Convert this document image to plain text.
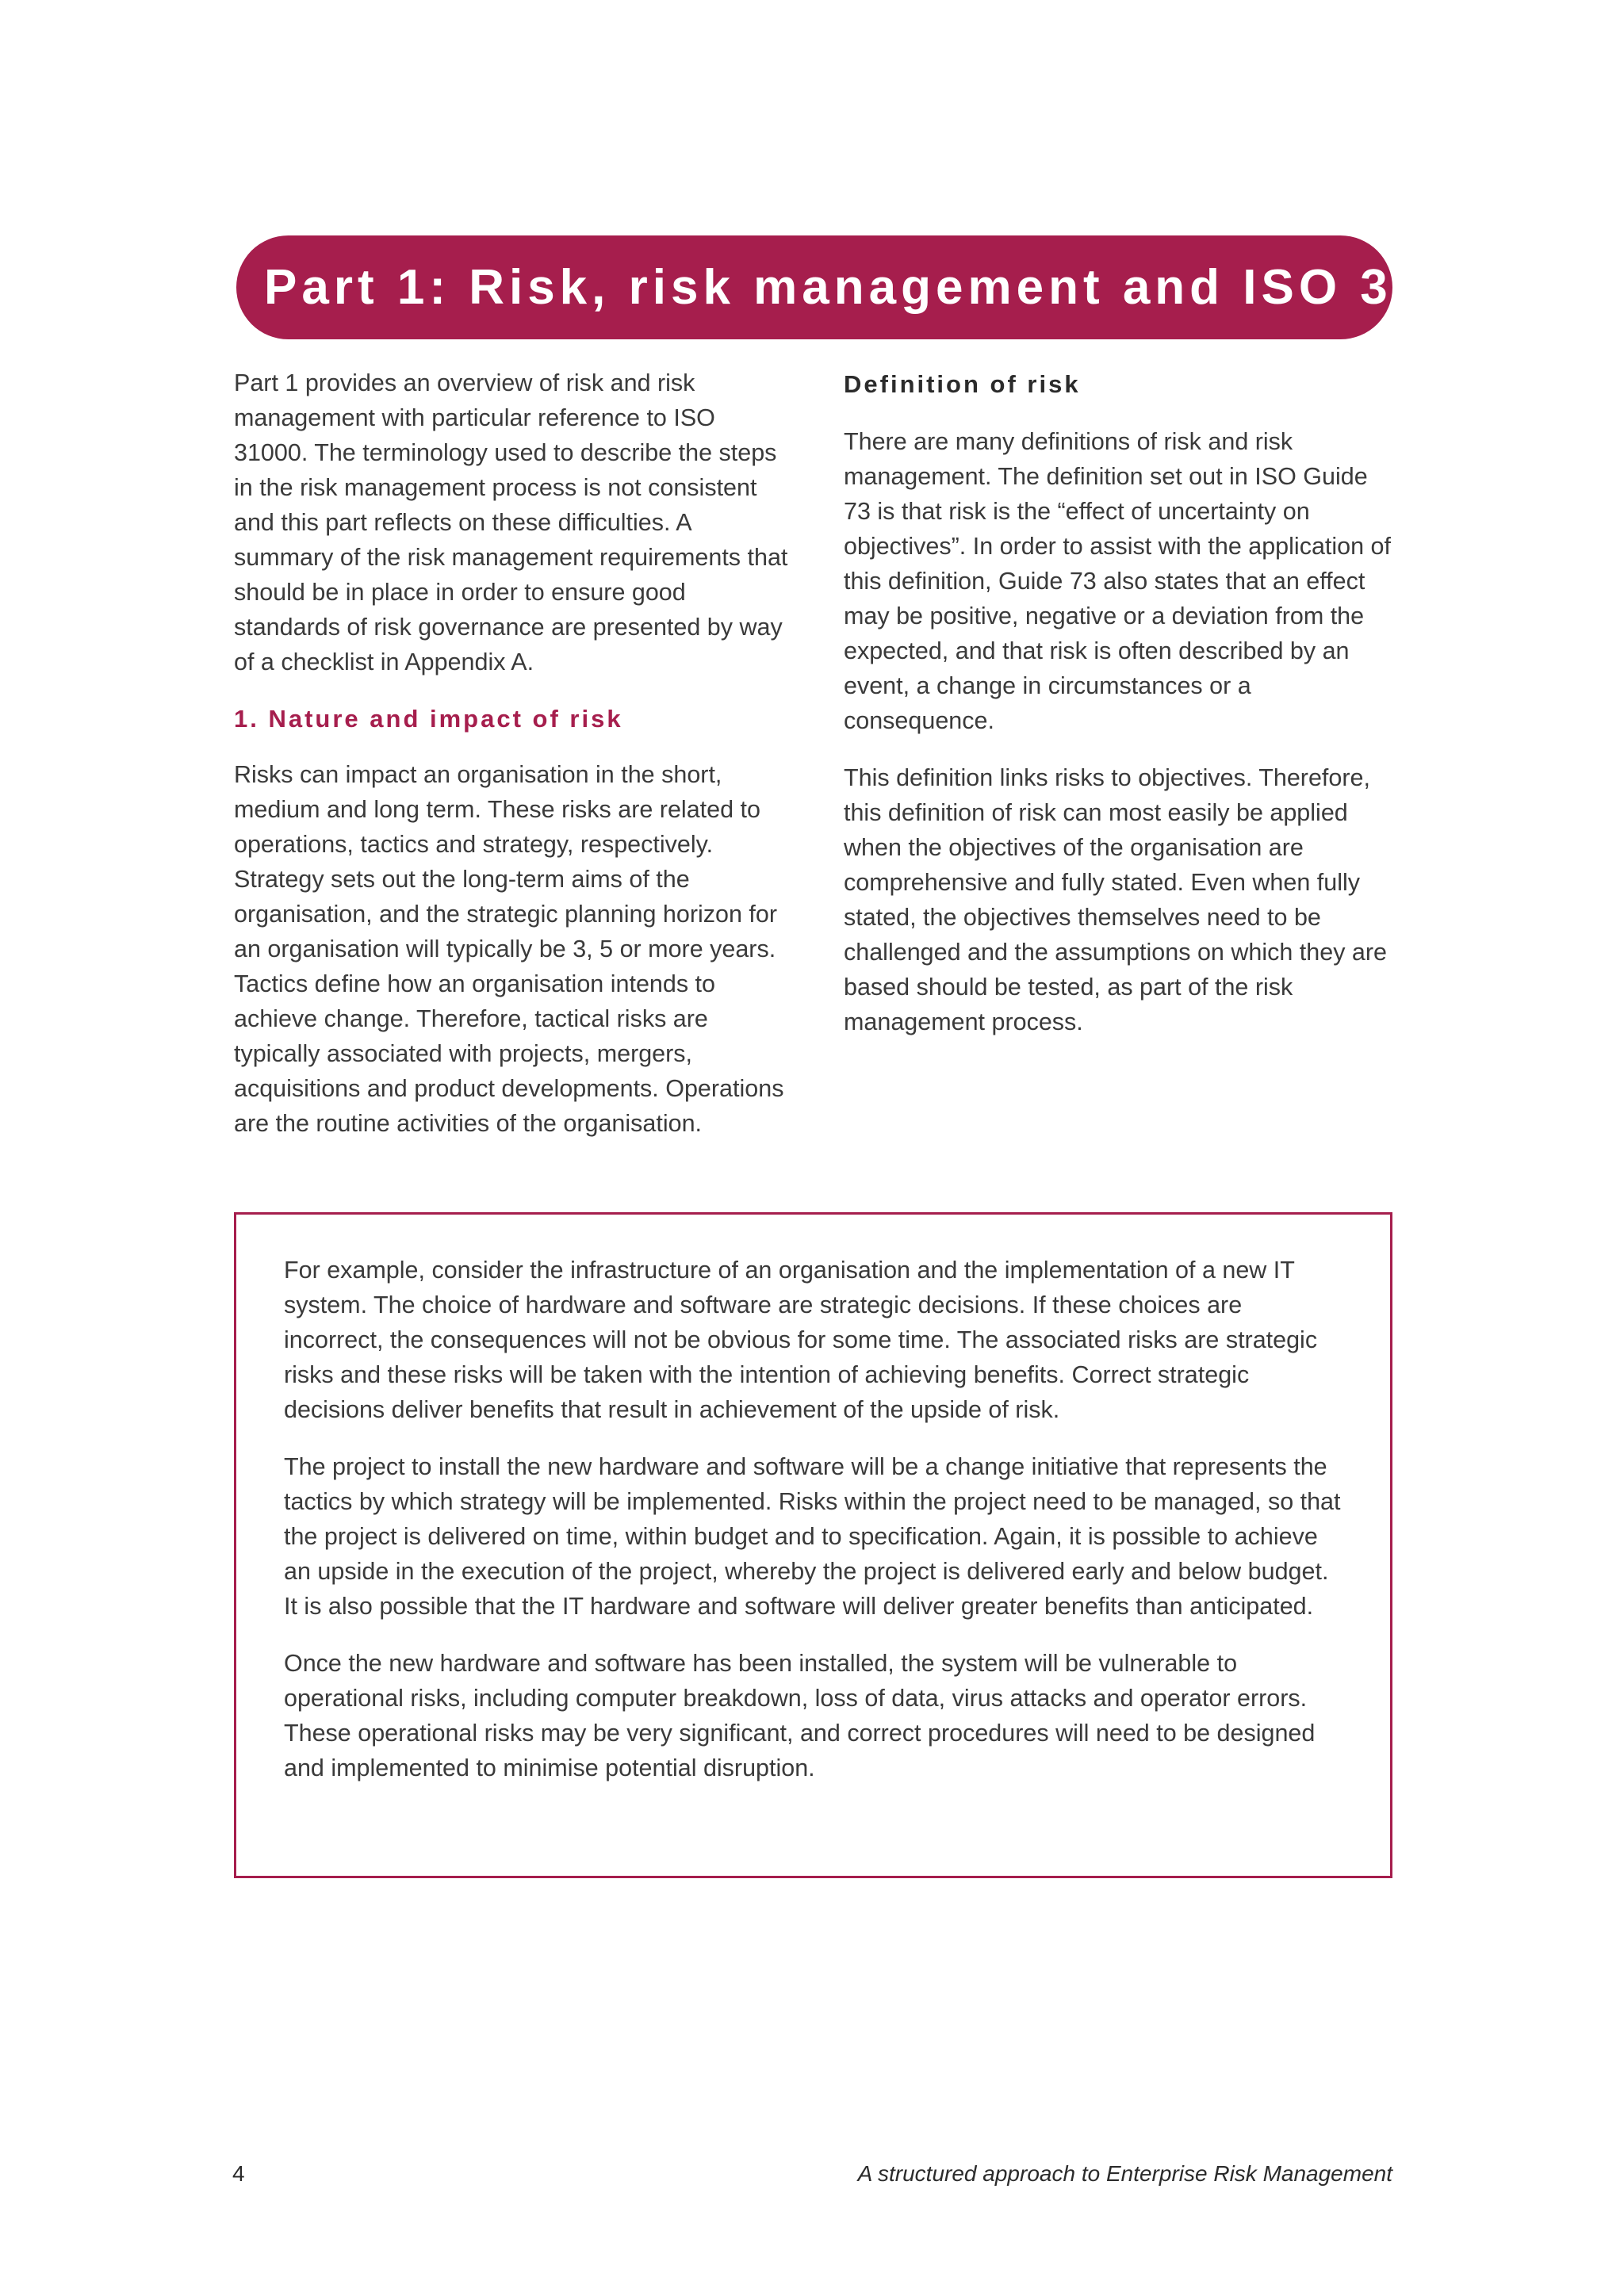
Part 1: Risk, risk management and ISO 31000

Part 1 provides an overview of risk and risk management with particular reference to ISO 31000. The terminology used to describe the steps in the risk management process is not consistent and this part reflects on these difficulties. A summary of the risk management requirements that should be in place in order to ensure good standards of risk governance are presented by way of a checklist in Appendix A.

1. Nature and impact of risk

Risks can impact an organisation in the short, medium and long term. These risks are related to operations, tactics and strategy, respectively. Strategy sets out the long-term aims of the organisation, and the strategic planning horizon for an organisation will typically be 3, 5 or more years. Tactics define how an organisation intends to achieve change. Therefore, tactical risks are typically associated with projects, mergers, acquisitions and product developments. Operations are the routine activities of the organisation.

Definition of risk

There are many definitions of risk and risk management. The definition set out in ISO Guide 73 is that risk is the “effect of uncertainty on objectives”. In order to assist with the application of this definition, Guide 73 also states that an effect may be positive, negative or a deviation from the expected, and that risk is often described by an event, a change in circumstances or a consequence.

This definition links risks to objectives. Therefore, this definition of risk can most easily be applied when the objectives of the organisation are comprehensive and fully stated. Even when fully stated, the objectives themselves need to be challenged and the assumptions on which they are based should be tested, as part of the risk management process.

For example, consider the infrastructure of an organisation and the implementation of a new IT system. The choice of hardware and software are strategic decisions. If these choices are incorrect, the consequences will not be obvious for some time. The associated risks are strategic risks and these risks will be taken with the intention of achieving benefits. Correct strategic decisions deliver benefits that result in achievement of the upside of risk.

The project to install the new hardware and software will be a change initiative that represents the tactics by which strategy will be implemented. Risks within the project need to be managed, so that the project is delivered on time, within budget and to specification. Again, it is possible to achieve an upside in the execution of the project, whereby the project is delivered early and below budget. It is also possible that the IT hardware and software will deliver greater benefits than anticipated.

Once the new hardware and software has been installed, the system will be vulnerable to operational risks, including computer breakdown, loss of data, virus attacks and operator errors. These operational risks may be very significant, and correct procedures will need to be designed and implemented to minimise potential disruption.

4	A structured approach to Enterprise Risk Management
